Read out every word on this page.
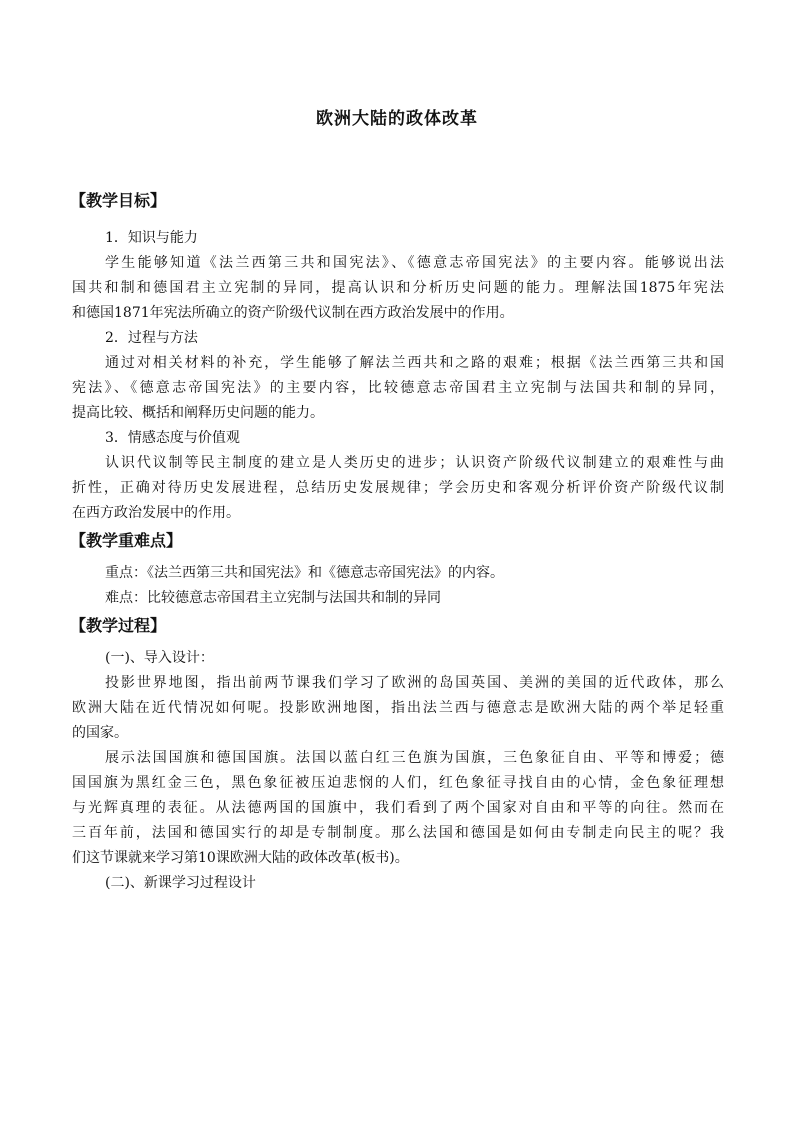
欧洲大陆的政体改革
【教学目标】
1．知识与能力
学生能够知道《法兰西第三共和国宪法》、《德意志帝国宪法》的主要内容。能够说出法
国共和制和德国君主立宪制的异同，提高认识和分析历史问题的能力。理解法国1875年宪法
和德国1871年宪法所确立的资产阶级代议制在西方政治发展中的作用。
2．过程与方法
通过对相关材料的补充，学生能够了解法兰西共和之路的艰难；根据《法兰西第三共和国
宪法》、《德意志帝国宪法》的主要内容，比较德意志帝国君主立宪制与法国共和制的异同，
提高比较、概括和阐释历史问题的能力。
3．情感态度与价值观
认识代议制等民主制度的建立是人类历史的进步；认识资产阶级代议制建立的艰难性与曲
折性，正确对待历史发展进程，总结历史发展规律；学会历史和客观分析评价资产阶级代议制
在西方政治发展中的作用。
【教学重难点】
重点：《法兰西第三共和国宪法》和《德意志帝国宪法》的内容。
难点：比较德意志帝国君主立宪制与法国共和制的异同
【教学过程】
(一)、导入设计：
投影世界地图，指出前两节课我们学习了欧洲的岛国英国、美洲的美国的近代政体，那么
欧洲大陆在近代情况如何呢。投影欧洲地图，指出法兰西与德意志是欧洲大陆的两个举足轻重
的国家。
展示法国国旗和德国国旗。法国以蓝白红三色旗为国旗，三色象征自由、平等和博爱；德
国国旗为黑红金三色，黑色象征被压迫悲悯的人们，红色象征寻找自由的心情，金色象征理想
与光辉真理的表征。从法德两国的国旗中，我们看到了两个国家对自由和平等的向往。然而在
三百年前，法国和德国实行的却是专制制度。那么法国和德国是如何由专制走向民主的呢？我
们这节课就来学习第10课欧洲大陆的政体改革(板书)。
(二)、新课学习过程设计
